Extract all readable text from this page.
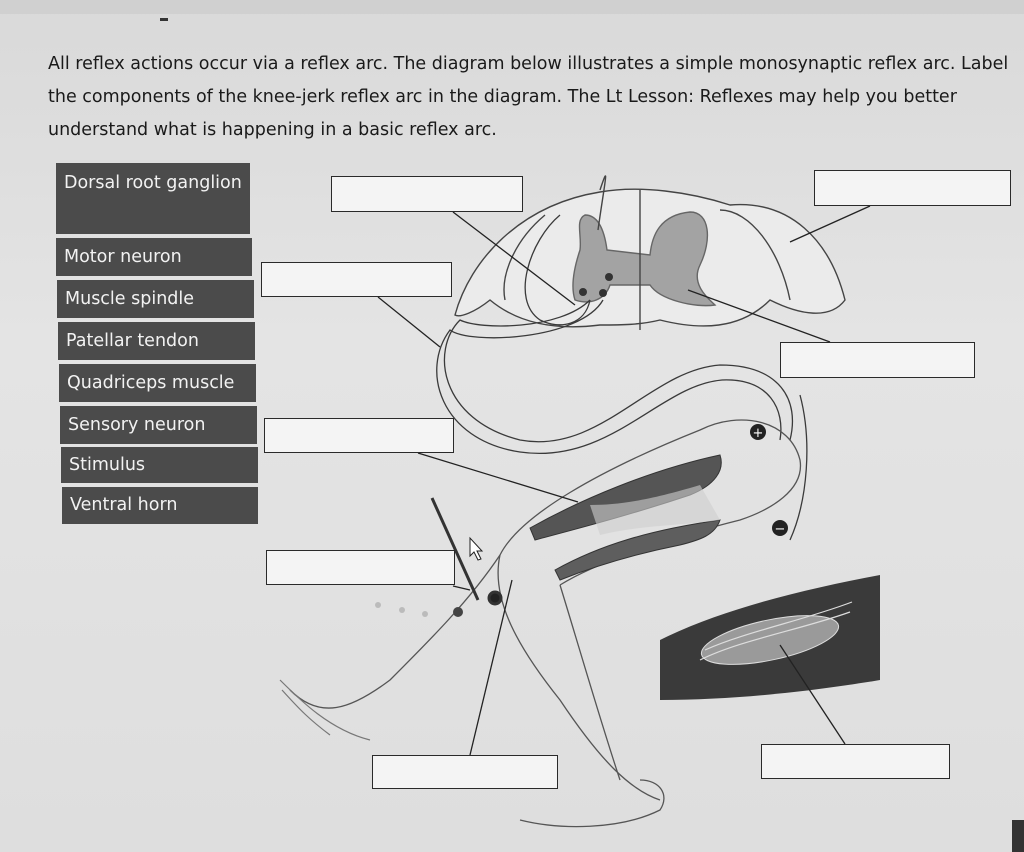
All reflex actions occur via a reflex arc. The diagram below illustrates a simple monosynaptic reflex arc. Label the components of the knee-jerk reflex arc in the diagram. The Lt Lesson: Reflexes may help you better understand what is happening in a basic reflex arc.

+
−
Dorsal root ganglion
Motor neuron
Muscle spindle
Patellar tendon
Quadriceps muscle
Sensory neuron
Stimulus
Ventral horn
